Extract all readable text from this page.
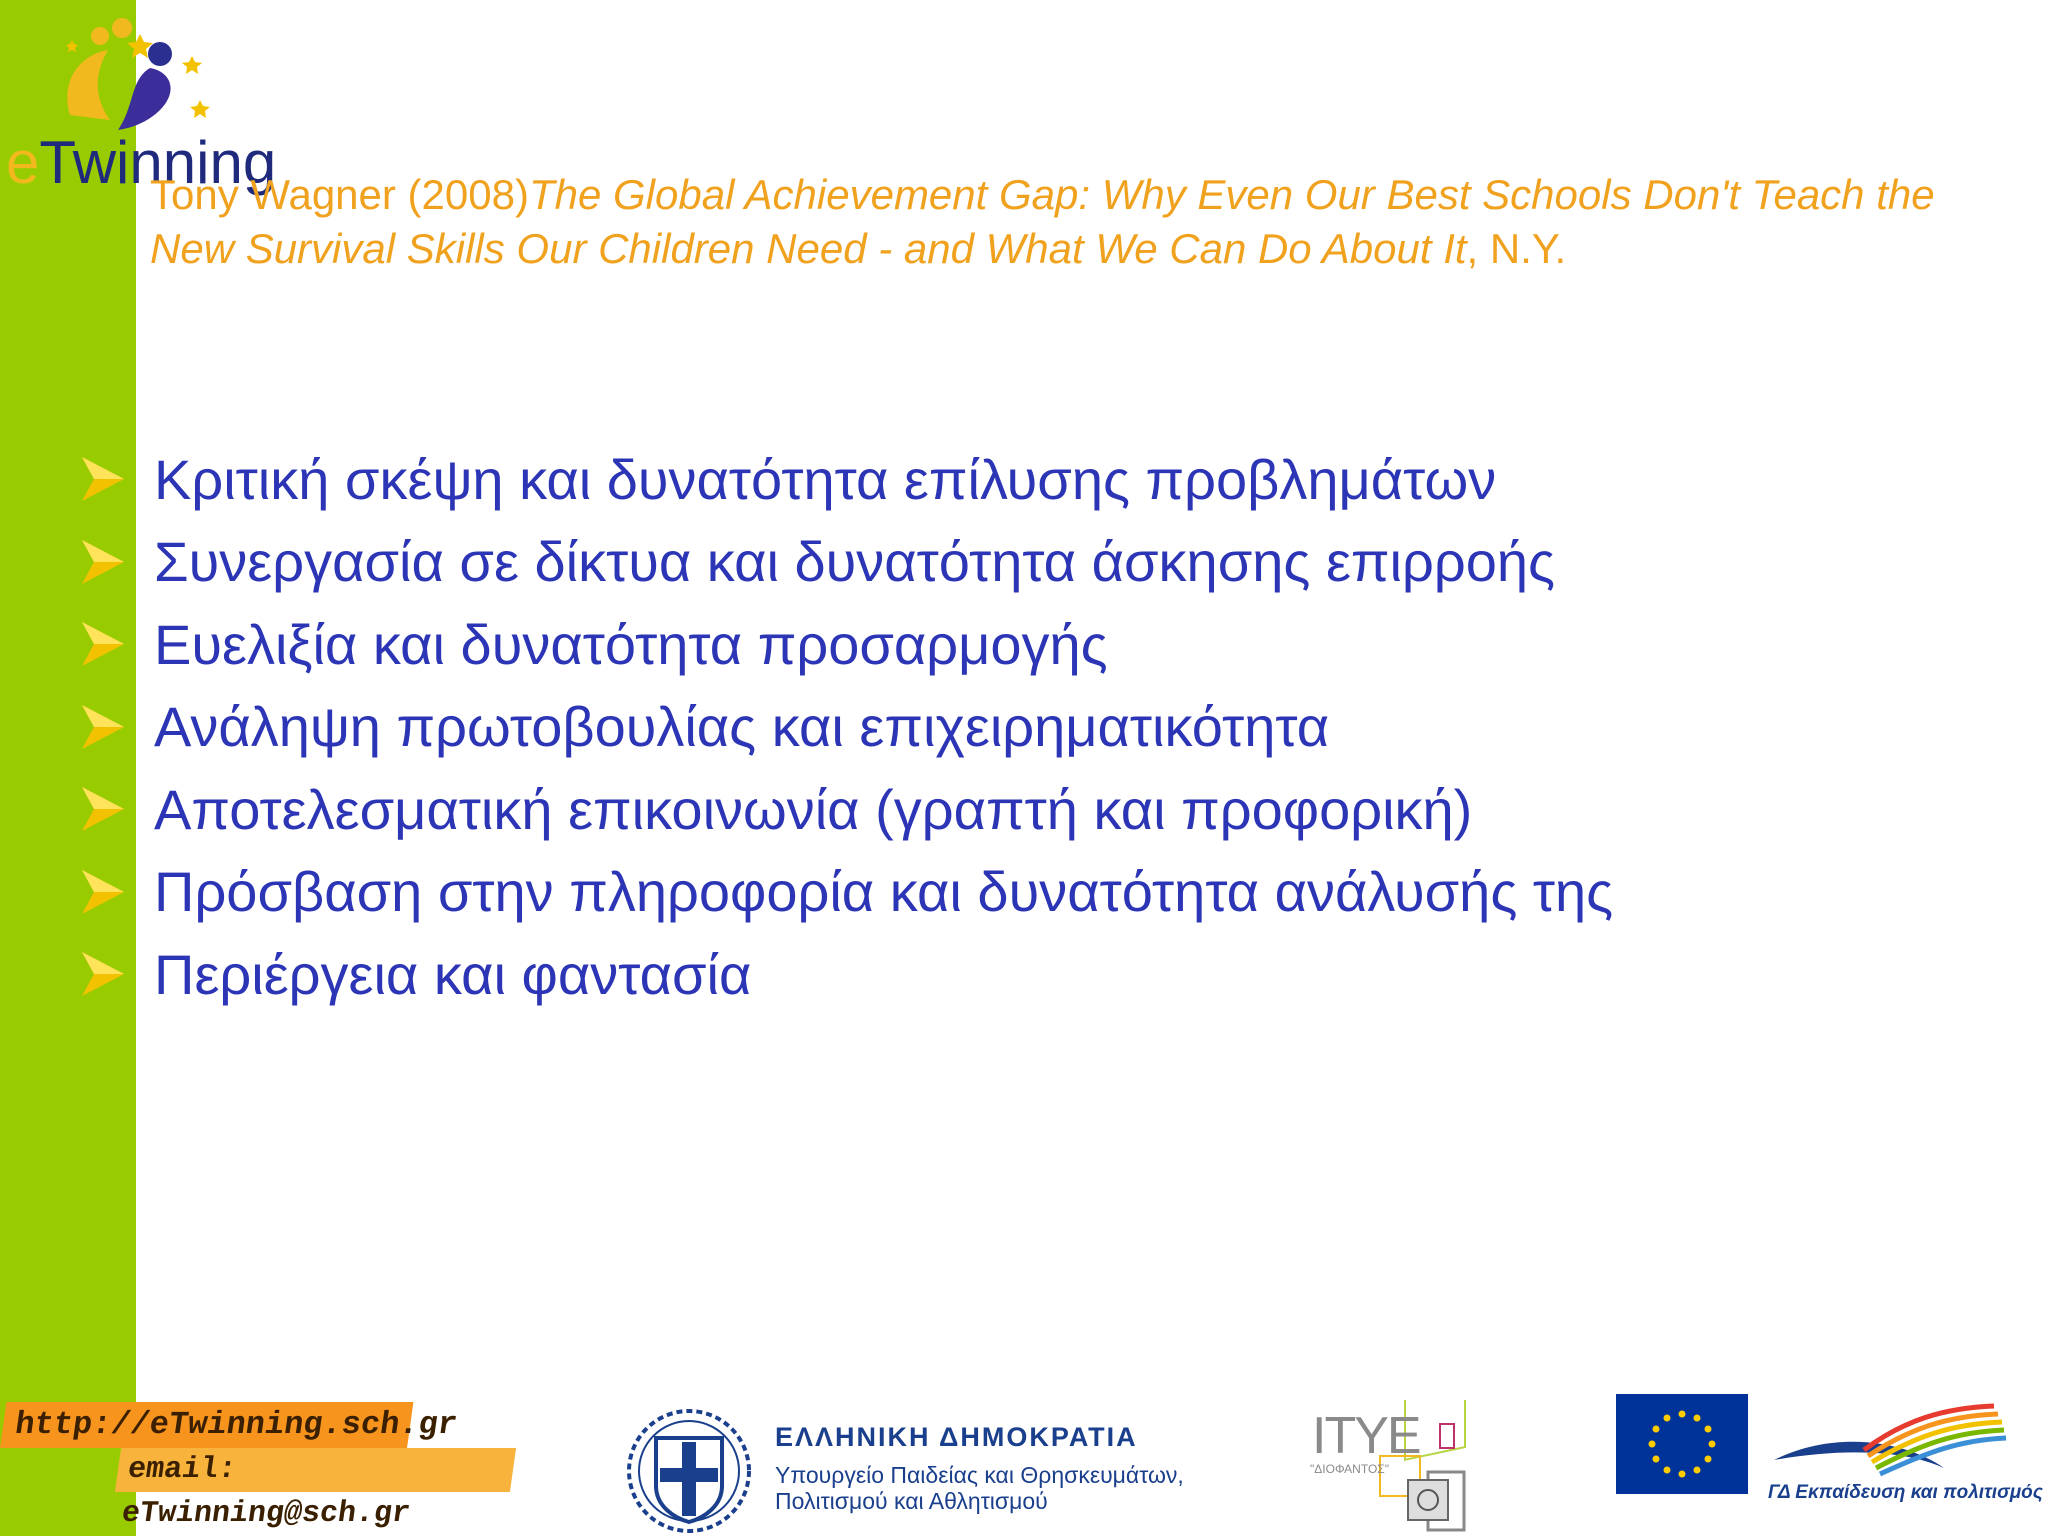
eTwinning
Tony Wagner (2008)The Global Achievement Gap: Why Even Our Best Schools Don't Teach the New Survival Skills Our Children Need - and What We Can Do About It, N.Y.
Κριτική σκέψη και δυνατότητα επίλυσης προβλημάτων
Συνεργασία σε δίκτυα και δυνατότητα άσκησης επιρροής
Ευελιξία και δυνατότητα προσαρμογής
Ανάληψη πρωτοβουλίας και επιχειρηματικότητα
Αποτελεσματική επικοινωνία (γραπτή και προφορική)
Πρόσβαση στην πληροφορία και δυνατότητα ανάλυσής της
Περιέργεια και φαντασία
http://eTwinning.sch.gr
email: eTwinning@sch.gr
ΕΛΛΗΝΙΚΗ ΔΗΜΟΚΡΑΤΙΑ
Υπουργείο Παιδείας και Θρησκευμάτων,
Πολιτισμού και Αθλητισμού
ITYE
"ΔΙΟΦΑΝΤΟΣ"
ΓΔ Εκπαίδευση και πολιτισμός
